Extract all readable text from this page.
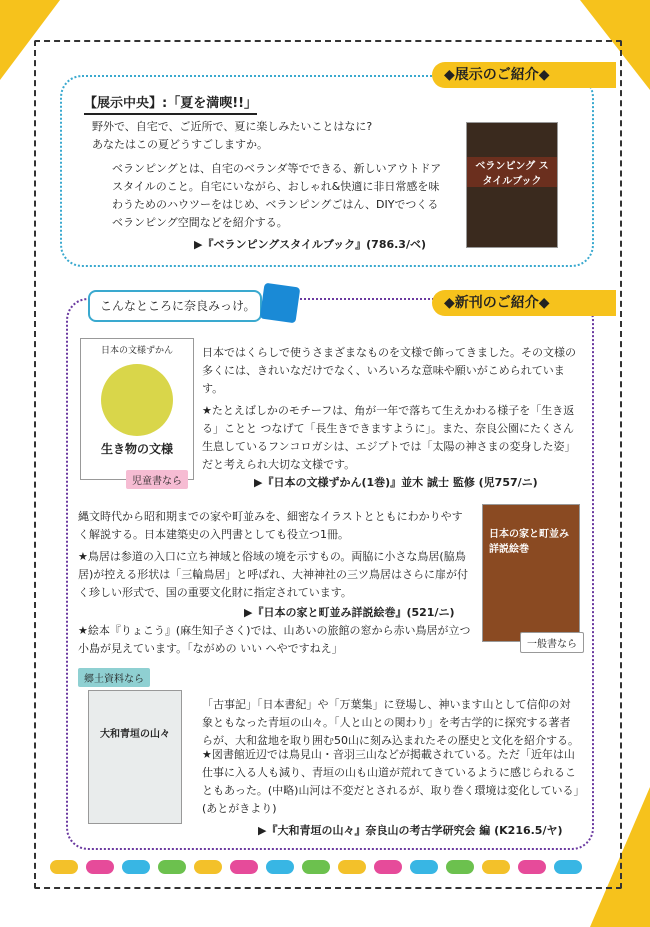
◆展示のご紹介◆
【展示中央】:「夏を満喫!!」
野外で、自宅で、ご近所で、夏に楽しみたいことはなに?
あなたはこの夏どうすごしますか。
ベランピングとは、自宅のベランダ等でできる、新しいアウトドアスタイルのこと。自宅にいながら、おしゃれ&快適に非日常感を味わうためのハウツーをはじめ、ベランピングごはん、DIYでつくるベランピング空間などを紹介する。
▶『ベランピングスタイルブック』(786.3/ベ)
ベランピング スタイルブック
◆新刊のご紹介◆
こんなところに奈良みっけ。
日本の文様ずかん
生き物の文様
児童書なら
日本ではくらしで使うさまざまなものを文様で飾ってきました。その文様の多くには、きれいなだけでなく、いろいろな意味や願いがこめられています。
★たとえばしかのモチーフは、角が一年で落ちて生えかわる様子を「生き返る」ことと つなげて「長生きできますように」。また、奈良公園にたくさん生息しているフンコロガシは、エジプトでは「太陽の神さまの変身した姿」だと考えられ大切な文様です。
▶『日本の文様ずかん(1巻)』並木 誠士 監修 (児757/ニ)
縄文時代から昭和期までの家や町並みを、細密なイラストとともにわかりやすく解説する。日本建築史の入門書としても役立つ1冊。
★鳥居は参道の入口に立ち神域と俗域の境を示すもの。両脇に小さな鳥居(脇鳥居)が控える形状は「三輪鳥居」と呼ばれ、大神神社の三ツ鳥居はさらに扉が付く珍しい形式で、国の重要文化財に指定されています。
▶『日本の家と町並み詳説絵巻』(521/ニ)
★絵本『りょこう』(麻生知子さく)では、山あいの旅館の窓から赤い鳥居が立つ小島が見えています。「ながめの いい へやですねえ」
日本の家と町並み詳説絵巻
一般書なら
郷土資料なら
大和青垣の山々
「古事記」「日本書紀」や「万葉集」に登場し、神います山として信仰の対象ともなった青垣の山々。「人と山との関わり」を考古学的に探究する著者らが、大和盆地を取り囲む50山に刻み込まれたその歴史と文化を紹介する。
★図書館近辺では鳥見山・音羽三山などが掲載されている。ただ「近年は山仕事に入る人も減り、青垣の山も山道が荒れてきているように感じられることもあった。(中略)山河は不変だとされるが、取り巻く環境は変化している」(あとがきより)
▶『大和青垣の山々』奈良山の考古学研究会 編 (K216.5/ヤ)
